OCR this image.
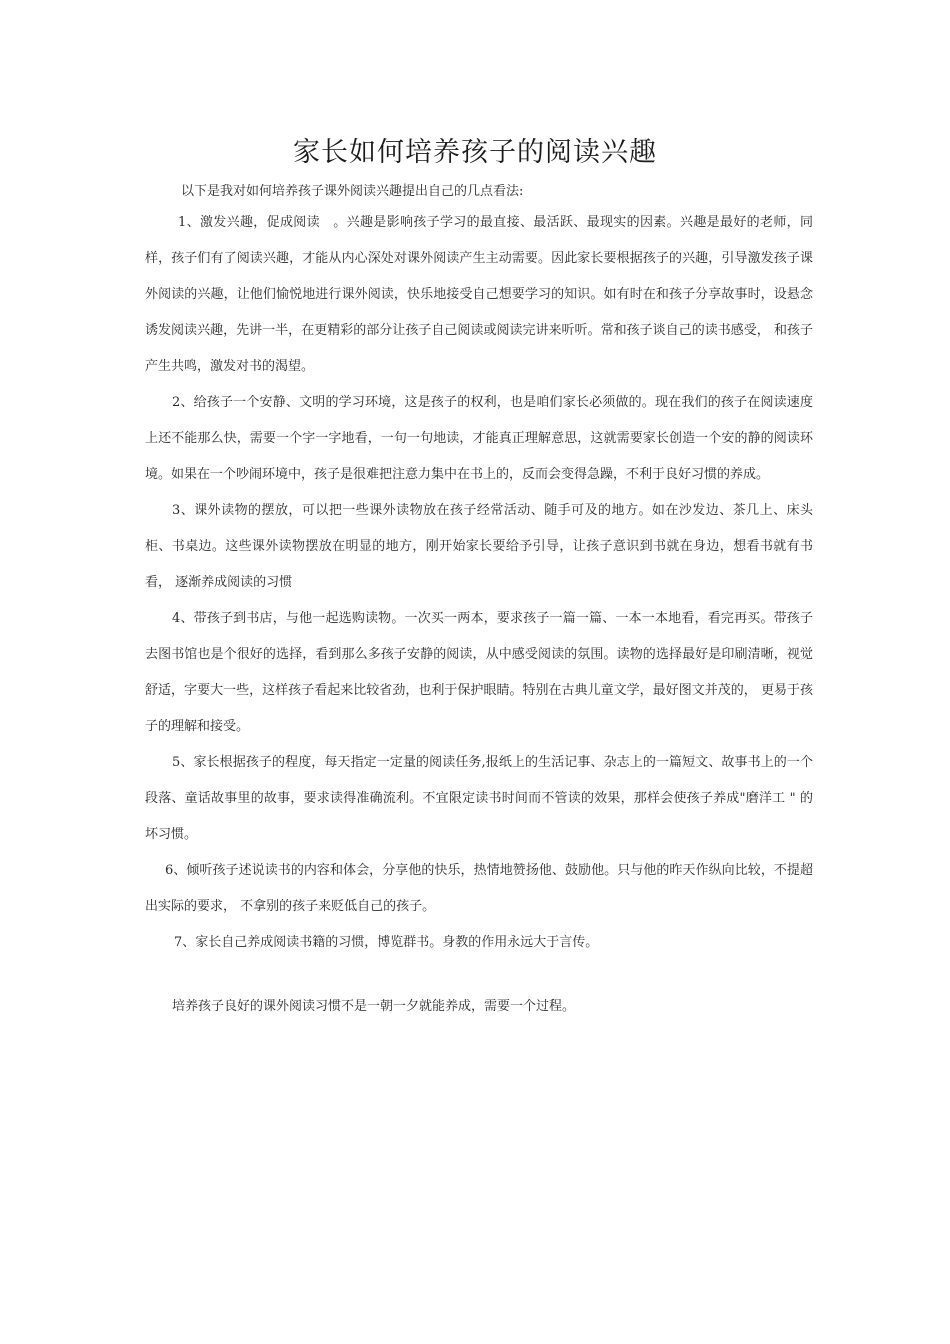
家长如何培养孩子的阅读兴趣
以下是我对如何培养孩子课外阅读兴趣提出自己的几点看法:

1、激发兴趣，促成阅读　。兴趣是影响孩子学习的最直接、最活跃、最现实的因素。兴趣是最好的老师，同样，孩子们有了阅读兴趣，才能从内心深处对课外阅读产生主动需要。因此家长要根据孩子的兴趣，引导激发孩子课外阅读的兴趣，让他们愉悦地进行课外阅读，快乐地接受自己想要学习的知识。如有时在和孩子分享故事时，设悬念诱发阅读兴趣，先讲一半，在更精彩的部分让孩子自己阅读或阅读完讲来听听。常和孩子谈自己的读书感受， 和孩子产生共鸣，激发对书的渴望。

2、给孩子一个安静、文明的学习环境，这是孩子的权利，也是咱们家长必须做的。现在我们的孩子在阅读速度上还不能那么快，需要一个字一字地看，一句一句地读，才能真正理解意思，这就需要家长创造一个安的静的阅读环境。如果在一个吵闹环境中，孩子是很难把注意力集中在书上的，反而会变得急躁，不利于良好习惯的养成。

3、课外读物的摆放，可以把一些课外读物放在孩子经常活动、随手可及的地方。如在沙发边、茶几上、床头柜、书桌边。这些课外读物摆放在明显的地方，刚开始家长要给予引导，让孩子意识到书就在身边，想看书就有书看， 逐渐养成阅读的习惯

4、带孩子到书店，与他一起选购读物。一次买一两本，要求孩子一篇一篇、一本一本地看，看完再买。带孩子去图书馆也是个很好的选择，看到那么多孩子安静的阅读，从中感受阅读的氛围。读物的选择最好是印刷清晰，视觉舒适，字要大一些，这样孩子看起来比较省劲，也利于保护眼睛。特别在古典儿童文学，最好图文并茂的， 更易于孩子的理解和接受。

5、家长根据孩子的程度，每天指定一定量的阅读任务,报纸上的生活记事、杂志上的一篇短文、故事书上的一个段落、童话故事里的故事，要求读得准确流利。不宜限定读书时间而不管读的效果，那样会使孩子养成"磨洋工 " 的坏习惯。

6、倾听孩子述说读书的内容和体会，分享他的快乐，热情地赞扬他、鼓励他。只与他的昨天作纵向比较，不提超出实际的要求， 不拿别的孩子来贬低自己的孩子。

7、家长自己养成阅读书籍的习惯，博览群书。身教的作用永远大于言传。

培养孩子良好的课外阅读习惯不是一朝一夕就能养成，需要一个过程。
